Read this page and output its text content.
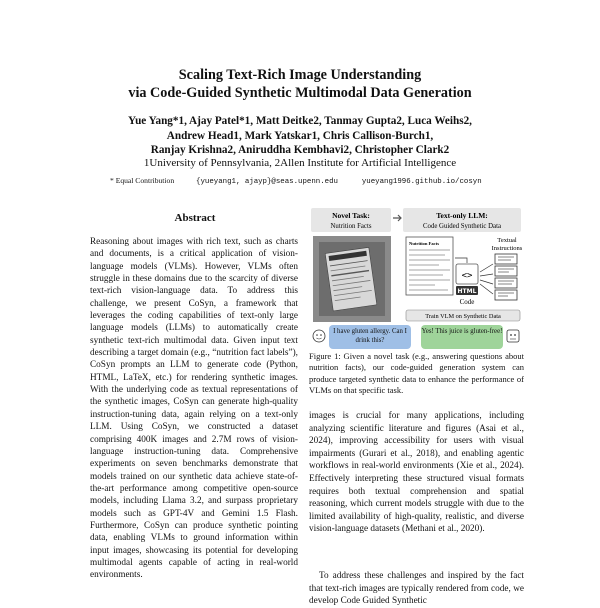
Scaling Text-Rich Image Understanding
via Code-Guided Synthetic Multimodal Data Generation
Yue Yang*1, Ajay Patel*1, Matt Deitke2, Tanmay Gupta2, Luca Weihs2,
Andrew Head1, Mark Yatskar1, Chris Callison-Burch1,
Ranjay Krishna2, Aniruddha Kembhavi2, Christopher Clark2
1University of Pennsylvania, 2Allen Institute for Artificial Intelligence
* Equal Contribution	{yueyang1, ajayp}@seas.upenn.edu	yueyang1996.github.io/cosyn
Abstract

Reasoning about images with rich text, such as charts and documents, is a critical application of vision-language models (VLMs). However, VLMs often struggle in these domains due to the scarcity of diverse text-rich vision-language data. To address this challenge, we present CoSyn, a framework that leverages the coding capabilities of text-only large language models (LLMs) to automatically create synthetic text-rich multimodal data. Given input text describing a target domain (e.g., “nutrition fact labels”), CoSyn prompts an LLM to generate code (Python, HTML, LaTeX, etc.) for rendering synthetic images. With the underlying code as textual representations of the synthetic images, CoSyn can generate high-quality instruction-tuning data, again relying on a text-only LLM. Using CoSyn, we constructed a dataset comprising 400K images and 2.7M rows of vision-language instruction-tuning data. Comprehensive experiments on seven benchmarks demonstrate that models trained on our synthetic data achieve state-of-the-art performance among competitive open-source models, including Llama 3.2, and surpass proprietary models such as GPT-4V and Gemini 1.5 Flash. Furthermore, CoSyn can produce synthetic pointing data, enabling VLMs to ground information within input images, showcasing its potential for developing multimodal agents capable of acting in real-world environments.

Novel Task:
Nutrition Facts
Text-only LLM:
Code Guided Synthetic Data
Nutrition Facts
<>
HTML
Code
Textual
Instructions
Train VLM on Synthetic Data
I have gluten allergy. Can I drink this?
Yes! This juice is gluten-free!

Figure 1: Given a novel task (e.g., answering questions about nutrition facts), our code-guided generation system can produce targeted synthetic data to enhance the performance of VLMs on that specific task.

images is crucial for many applications, including analyzing scientific literature and figures (Asai et al., 2024), improving accessibility for users with visual impairments (Gurari et al., 2018), and enabling agentic workflows in real-world environments (Xie et al., 2024). Effectively interpreting these structured visual formats requires both textual comprehension and spatial reasoning, which current models struggle with due to the limited availability of high-quality, realistic, and diverse vision-language datasets (Methani et al., 2020).

To address these challenges and inspired by the fact that text-rich images are typically rendered from code, we develop Code Guided Synthetic
